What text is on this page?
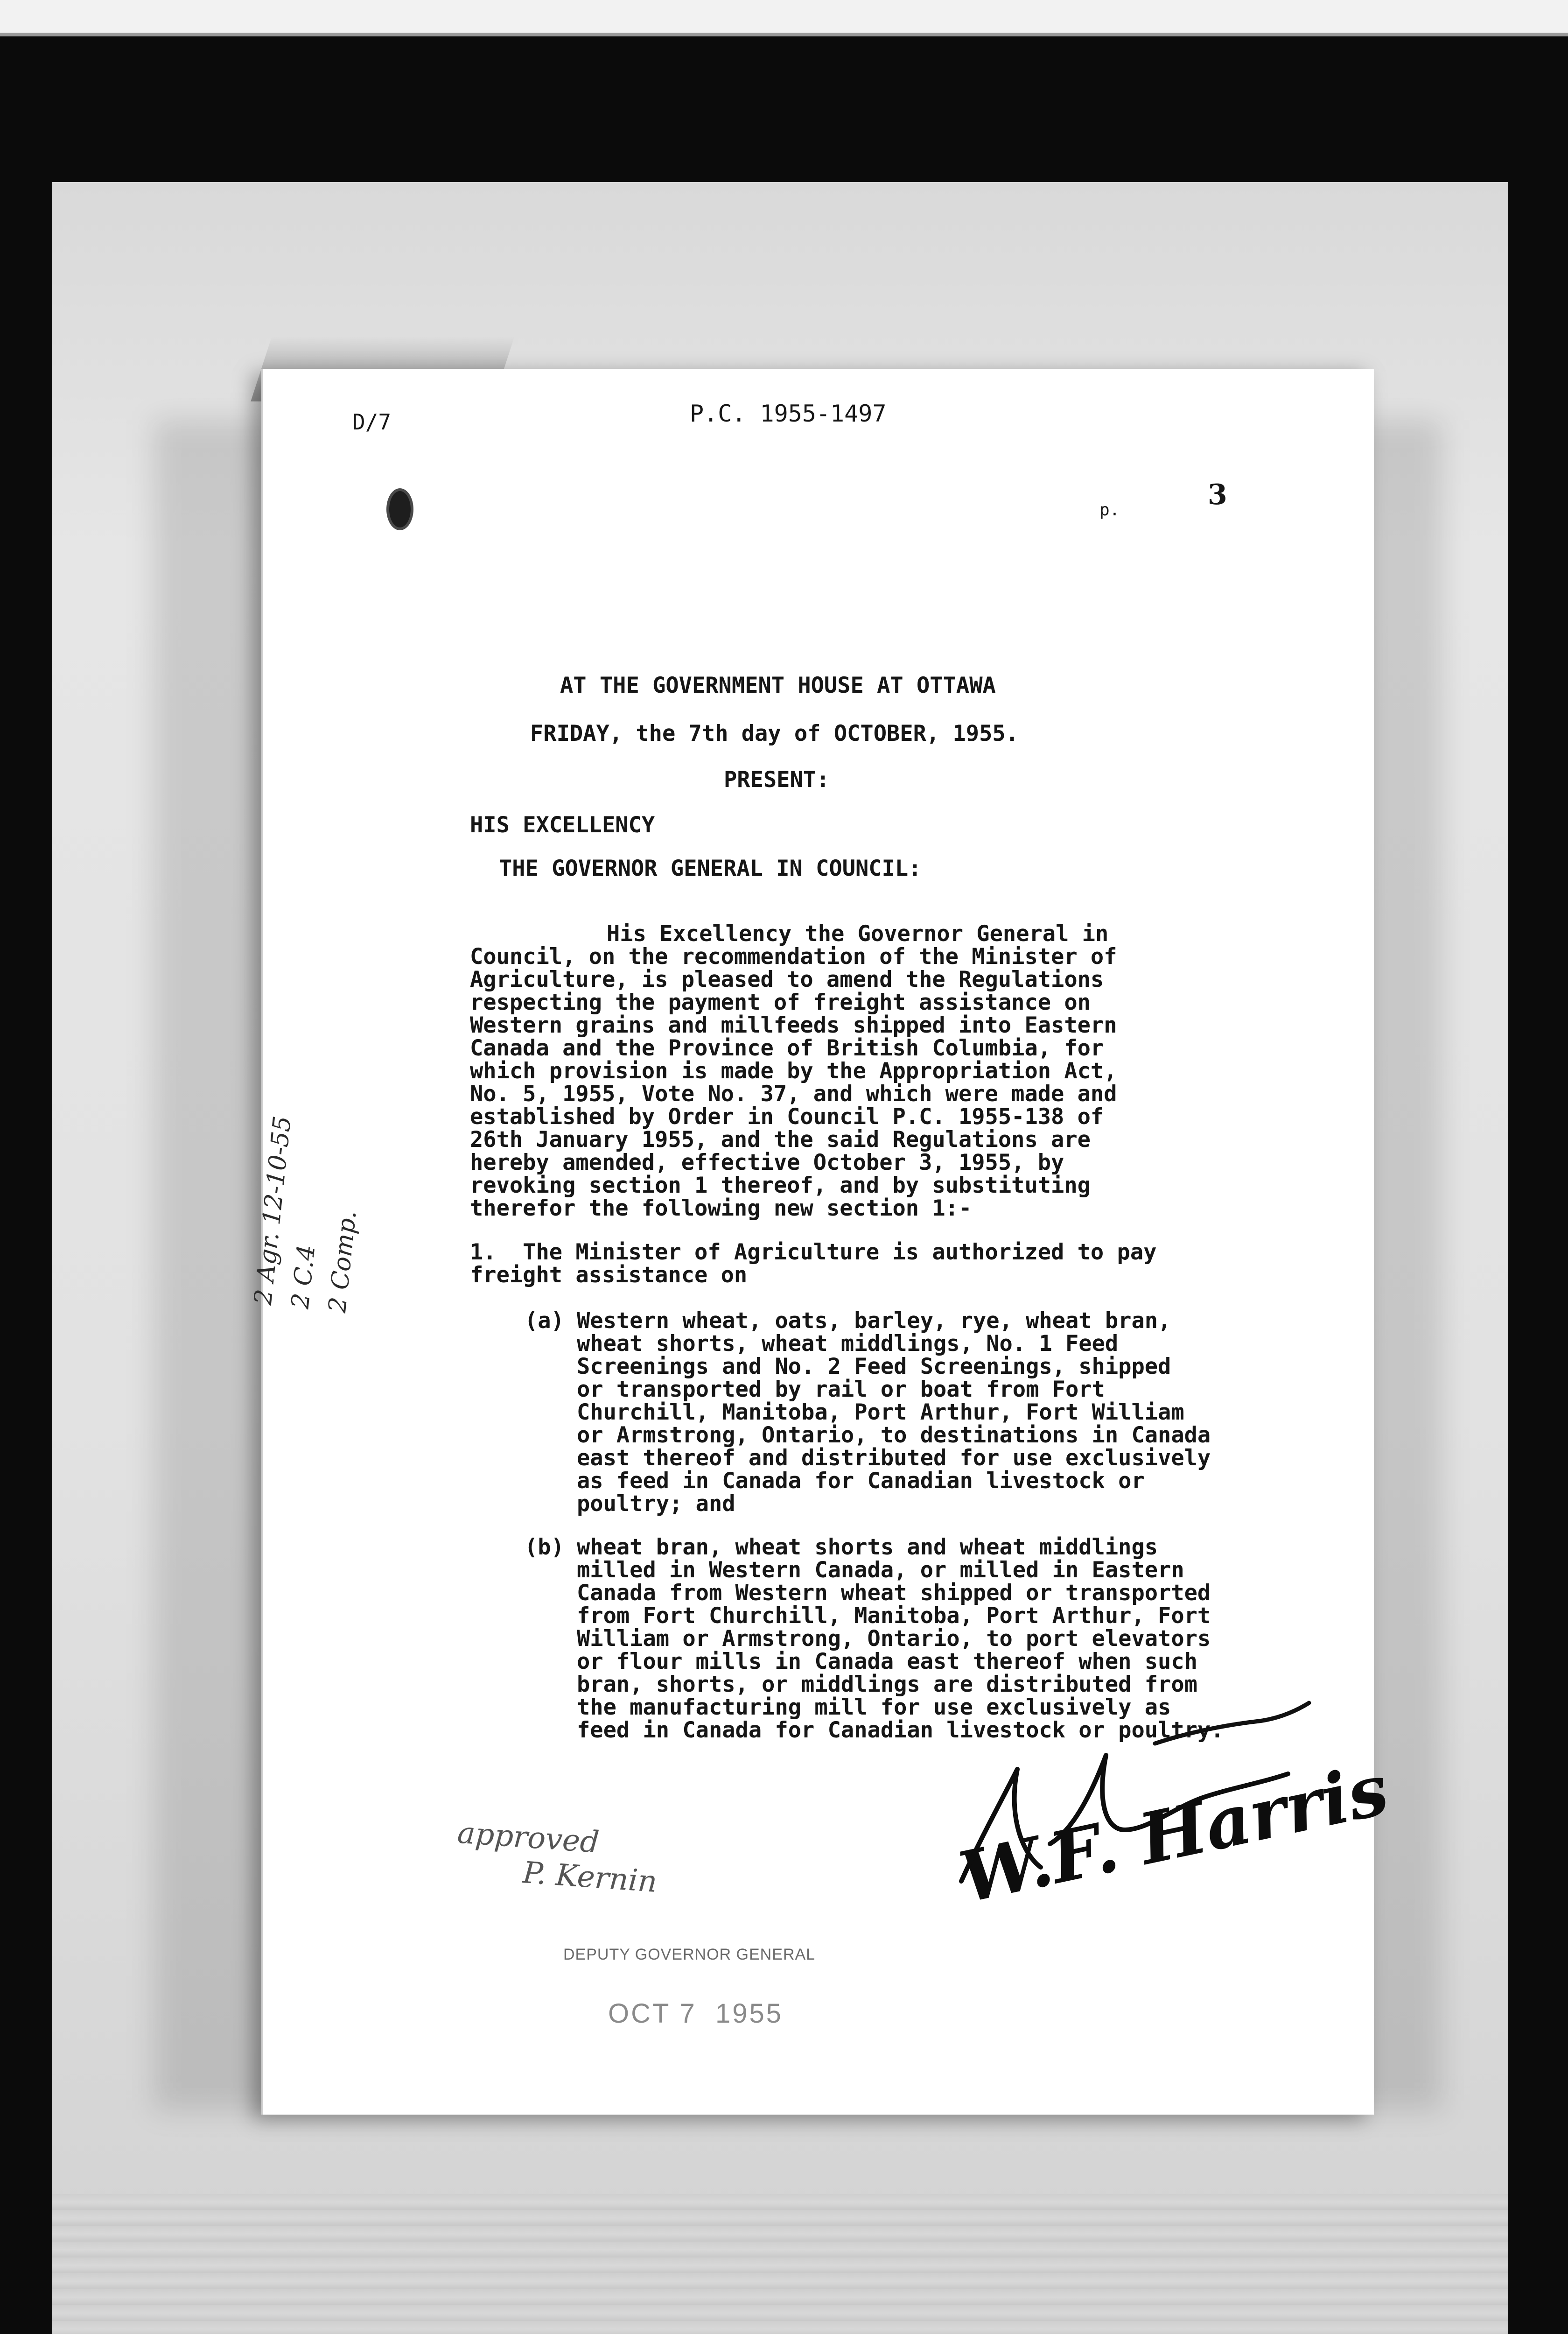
D/7	P.C. 1955-1497

p.	3

AT THE GOVERNMENT HOUSE AT OTTAWA

FRIDAY, the 7th day of OCTOBER, 1955.

PRESENT:

HIS EXCELLENCY

THE GOVERNOR GENERAL IN COUNCIL:

His Excellency the Governor General in

Council, on the recommendation of the Minister of

Agriculture, is pleased to amend the Regulations

respecting the payment of freight assistance on

Western grains and millfeeds shipped into Eastern

Canada and the Province of British Columbia, for

which provision is made by the Appropriation Act,

No. 5, 1955, Vote No. 37, and which were made and

established by Order in Council P.C. 1955-138 of

26th January 1955, and the said Regulations are

hereby amended, effective October 3, 1955, by

revoking section 1 thereof, and by substituting

therefor the following new section 1:-

1.  The Minister of Agriculture is authorized to pay

freight assistance on

(a) Western wheat, oats, barley, rye, wheat bran,

wheat shorts, wheat middlings, No. 1 Feed

Screenings and No. 2 Feed Screenings, shipped

or transported by rail or boat from Fort

Churchill, Manitoba, Port Arthur, Fort William

or Armstrong, Ontario, to destinations in Canada

east thereof and distributed for use exclusively

as feed in Canada for Canadian livestock or

poultry; and

(b) wheat bran, wheat shorts and wheat middlings

milled in Western Canada, or milled in Eastern

Canada from Western wheat shipped or transported

from Fort Churchill, Manitoba, Port Arthur, Fort

William or Armstrong, Ontario, to port elevators

or flour mills in Canada east thereof when such

bran, shorts, or middlings are distributed from

the manufacturing mill for use exclusively as

feed in Canada for Canadian livestock or poultry.

2 Agr. 12-10-55
2 C.4 2 Comp.
approved
P. Kernin	W.F. Harris
DEPUTY GOVERNOR GENERAL
OCT 7  1955
